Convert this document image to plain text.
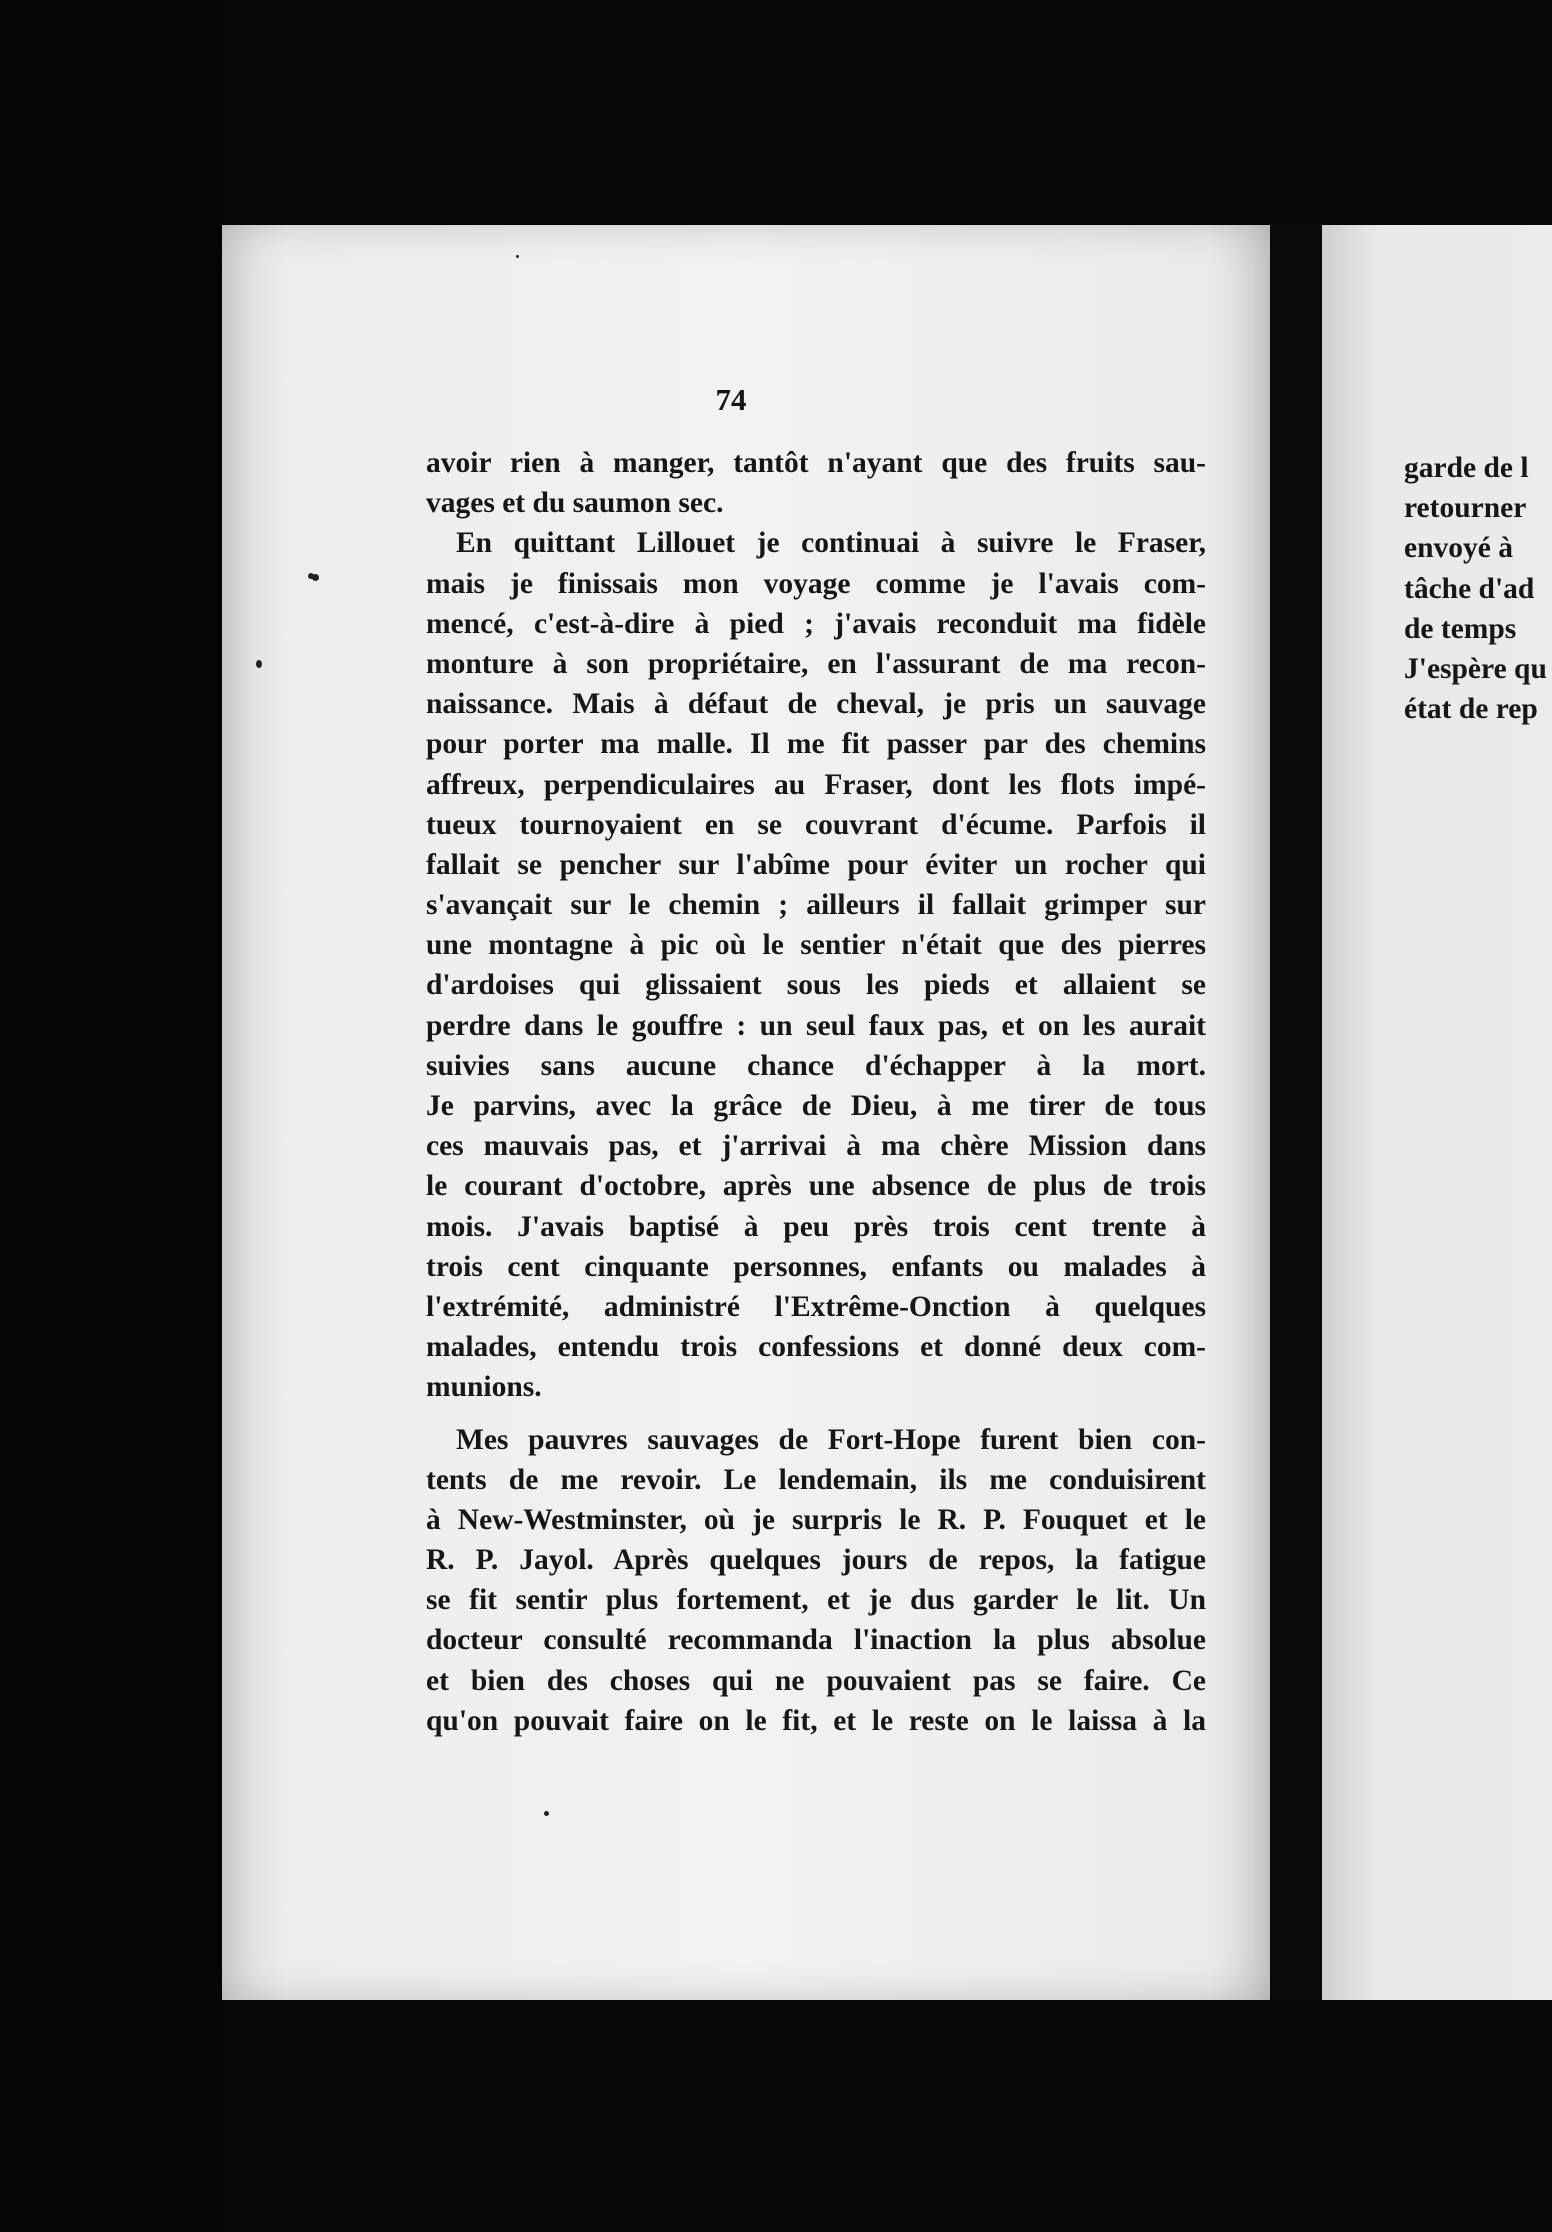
74
avoir rien à manger, tantôt n'ayant que des fruits sau-
vages et du saumon sec.
En quittant Lillouet je continuai à suivre le Fraser,
mais je finissais mon voyage comme je l'avais com-
mencé, c'est-à-dire à pied ; j'avais reconduit ma fidèle
monture à son propriétaire, en l'assurant de ma recon-
naissance. Mais à défaut de cheval, je pris un sauvage
pour porter ma malle. Il me fit passer par des chemins
affreux, perpendiculaires au Fraser, dont les flots impé-
tueux tournoyaient en se couvrant d'écume. Parfois il
fallait se pencher sur l'abîme pour éviter un rocher qui
s'avançait sur le chemin ; ailleurs il fallait grimper sur
une montagne à pic où le sentier n'était que des pierres
d'ardoises qui glissaient sous les pieds et allaient se
perdre dans le gouffre : un seul faux pas, et on les aurait
suivies sans aucune chance d'échapper à la mort.
Je parvins, avec la grâce de Dieu, à me tirer de tous
ces mauvais pas, et j'arrivai à ma chère Mission dans
le courant d'octobre, après une absence de plus de trois
mois. J'avais baptisé à peu près trois cent trente à
trois cent cinquante personnes, enfants ou malades à
l'extrémité, administré l'Extrême-Onction à quelques
malades, entendu trois confessions et donné deux com-
munions.
Mes pauvres sauvages de Fort-Hope furent bien con-
tents de me revoir. Le lendemain, ils me conduisirent
à New-Westminster, où je surpris le R. P. Fouquet et le
R. P. Jayol. Après quelques jours de repos, la fatigue
se fit sentir plus fortement, et je dus garder le lit. Un
docteur consulté recommanda l'inaction la plus absolue
et bien des choses qui ne pouvaient pas se faire. Ce
qu'on pouvait faire on le fit, et le reste on le laissa à la
garde de l
retourner
envoyé à
tâche d'ad
de temps
J'espère qu
état de rep
